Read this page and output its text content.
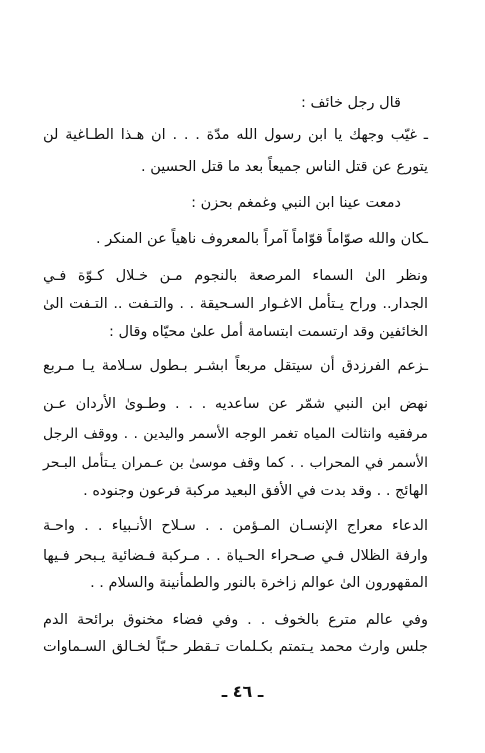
قال رجل خائف :
ـ غيّب وجهك يا ابن رسول الله مدّة . . . ان هـذا الطـاغية لن
يتورع عن قتل الناس جميعاً بعد ما قتل الحسين .
دمعت عينا ابن النبي وغمغم بحزن :
ـكان والله صوّاماً قوّاماً آمراً بالمعروف ناهياً عن المنكر .
ونظر الىٰ السماء المرصعة بالنجوم مـن خـلال كـوّة فـي
الجدار.. وراح يـتأمل الاغـوار السـحيقة . . والتـفت .. التـفت الىٰ
الخائفين وقد ارتسمت ابتسامة أمل علىٰ محيّاه وقال :
ـزعم الفرزدق أن سيتقل مربعاً ابشـر بـطول سـلامة يـا مـربع
نهض ابن النبي شمّر عن ساعديه . . . وطـوىٰ الأردان عـن
مرفقيه وانثالت المياه تغمر الوجه الأسمر واليدين . . ووقف الرجل
الأسمر في المحراب . . كما وقف موسىٰ بن عـمران يـتأمل البـحر
الهائج . . وقد بدت في الأفق البعيد مركبة فرعون وجنوده .
الدعاء معراج الإنسـان المـؤمن . . سـلاح الأنـبياء . . واحـة
وارفة الظلال فـي صـحراء الحـياة . . مـركبة فـضائية يـبحر فـيها
المقهورون الىٰ عوالم زاخرة بالنور والطمأنينة والسلام . .
وفي عالم مترع بالخوف . . وفي فضاء مخنوق برائحة الدم
جلس وارث محمد يـتمتم بكـلمات تـقطر حـبّاً لخـالق السـماوات
ـ ٤٦ ـ
